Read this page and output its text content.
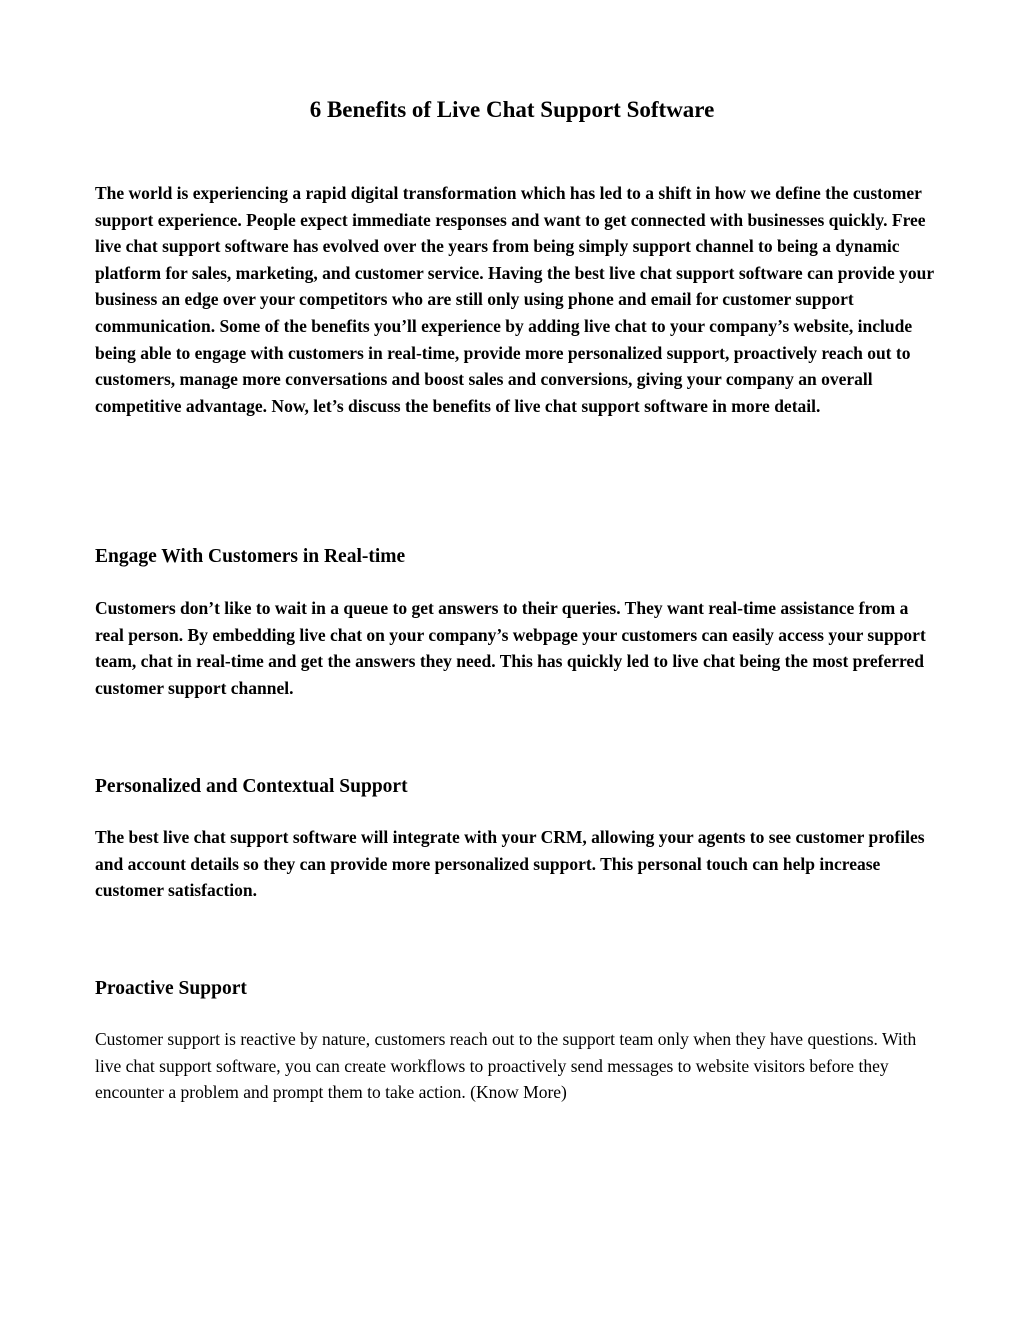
6 Benefits of Live Chat Support Software

The world is experiencing a rapid digital transformation which has led to a shift in how we define the customer support experience. People expect immediate responses and want to get connected with businesses quickly. Free live chat support software has evolved over the years from being simply support channel to being a dynamic platform for sales, marketing, and customer service. Having the best live chat support software can provide your business an edge over your competitors who are still only using phone and email for customer support communication. Some of the benefits you’ll experience by adding live chat to your company’s website, include being able to engage with customers in real-time, provide more personalized support, proactively reach out to customers, manage more conversations and boost sales and conversions, giving your company an overall competitive advantage. Now, let’s discuss the benefits of live chat support software in more detail.

Engage With Customers in Real-time

Customers don’t like to wait in a queue to get answers to their queries. They want real-time assistance from a real person. By embedding live chat on your company’s webpage your customers can easily access your support team, chat in real-time and get the answers they need. This has quickly led to live chat being the most preferred customer support channel.

Personalized and Contextual Support

The best live chat support software will integrate with your CRM, allowing your agents to see customer profiles and account details so they can provide more personalized support. This personal touch can help increase customer satisfaction.

Proactive Support

Customer support is reactive by nature, customers reach out to the support team only when they have questions. With live chat support software, you can create workflows to proactively send messages to website visitors before they encounter a problem and prompt them to take action. (Know More)
